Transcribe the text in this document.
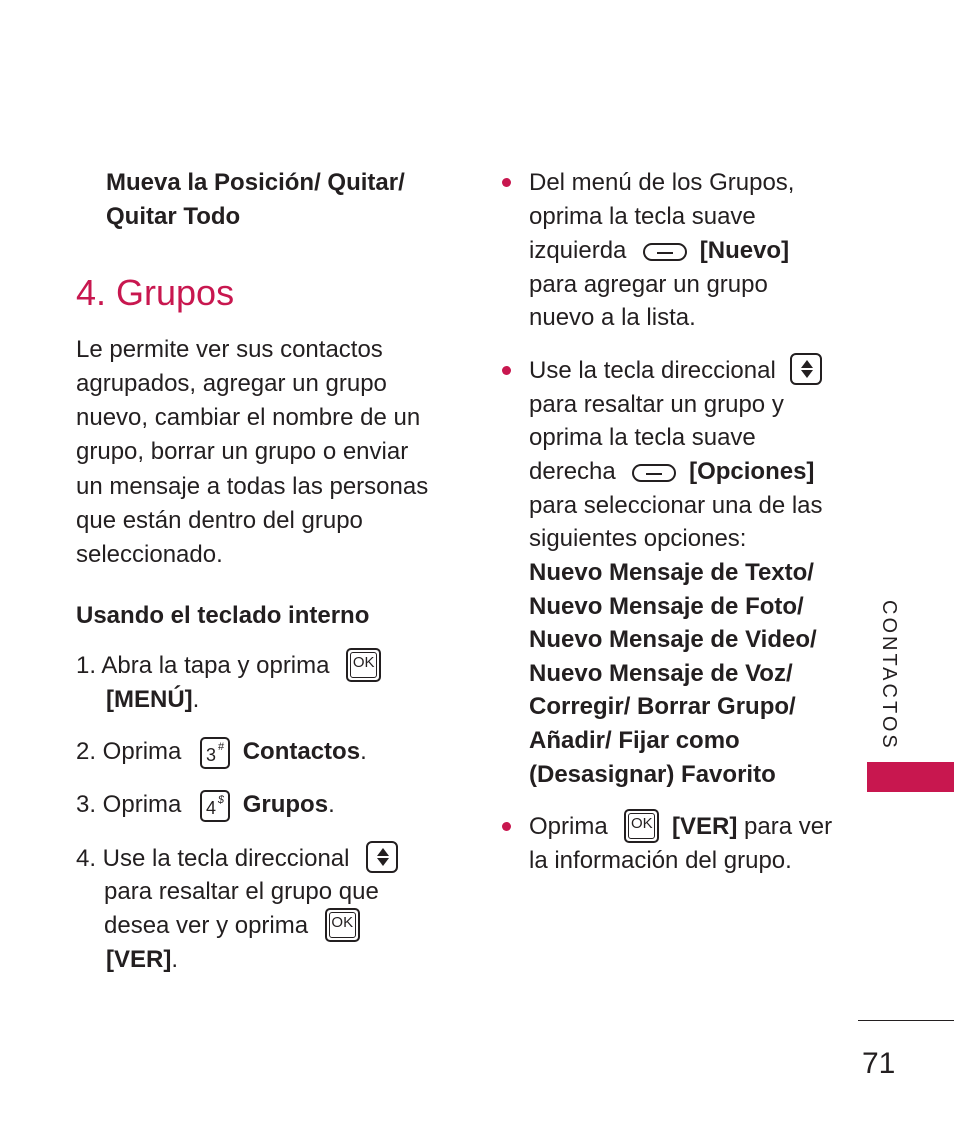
Mueva la Posición/ Quitar/
Quitar Todo
4. Grupos
Le permite ver sus contactos
agrupados, agregar un grupo
nuevo, cambiar el nombre de un
grupo, borrar un grupo o enviar
un mensaje a todas las personas
que están dentro del grupo
seleccionado.
Usando el teclado interno
1. Abra la tapa y oprima OK
[MENÚ].
2. Oprima 3 # Contactos.
3. Oprima 4 $ Grupos.
4. Use la tecla direccional
para resaltar el grupo que
desea ver y oprima OK
[VER].
Del menú de los Grupos,
oprima la tecla suave
izquierda	[Nuevo]
para agregar un grupo
nuevo a la lista.
Use la tecla direccional
para resaltar un grupo y
oprima la tecla suave
derecha	[Opciones]
para seleccionar una de las
siguientes opciones:
Nuevo Mensaje de Texto/
Nuevo Mensaje de Foto/
Nuevo Mensaje de Video/
Nuevo Mensaje de Voz/
Corregir/ Borrar Grupo/
Añadir/ Fijar como
(Desasignar) Favorito
Oprima OK [VER] para ver
la información del grupo.
CONTACTOS
71
